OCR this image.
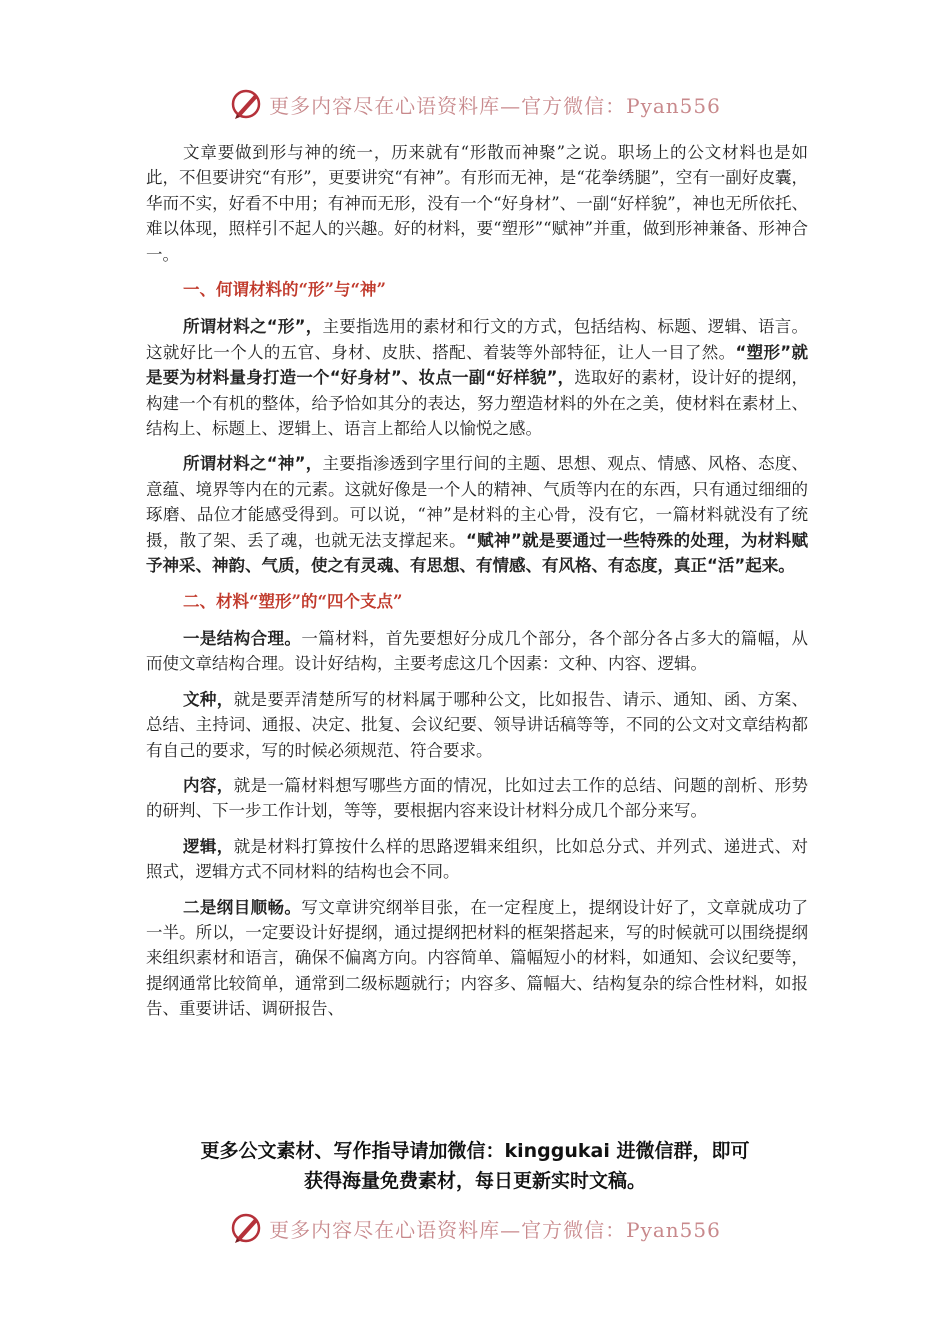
更多内容尽在心语资料库—官方微信：Pyan556

文章要做到形与神的统一，历来就有“形散而神聚”之说。职场上的公文材料也是如此，不但要讲究“有形”，更要讲究“有神”。有形而无神，是“花拳绣腿”，空有一副好皮囊，华而不实，好看不中用；有神而无形，没有一个“好身材”、一副“好样貌”，神也无所依托、难以体现，照样引不起人的兴趣。好的材料，要“塑形”“赋神”并重，做到形神兼备、形神合一。

一、何谓材料的“形”与“神”

所谓材料之“形”，主要指选用的素材和行文的方式，包括结构、标题、逻辑、语言。这就好比一个人的五官、身材、皮肤、搭配、着装等外部特征，让人一目了然。“塑形”就是要为材料量身打造一个“好身材”、妆点一副“好样貌”，选取好的素材，设计好的提纲，构建一个有机的整体，给予恰如其分的表达，努力塑造材料的外在之美，使材料在素材上、结构上、标题上、逻辑上、语言上都给人以愉悦之感。

所谓材料之“神”，主要指渗透到字里行间的主题、思想、观点、情感、风格、态度、意蕴、境界等内在的元素。这就好像是一个人的精神、气质等内在的东西，只有通过细细的琢磨、品位才能感受得到。可以说，“神”是材料的主心骨，没有它，一篇材料就没有了统摄，散了架、丢了魂，也就无法支撑起来。“赋神”就是要通过一些特殊的处理，为材料赋予神采、神韵、气质，使之有灵魂、有思想、有情感、有风格、有态度，真正“活”起来。

二、材料“塑形”的“四个支点”

一是结构合理。一篇材料，首先要想好分成几个部分，各个部分各占多大的篇幅，从而使文章结构合理。设计好结构，主要考虑这几个因素：文种、内容、逻辑。

文种，就是要弄清楚所写的材料属于哪种公文，比如报告、请示、通知、函、方案、总结、主持词、通报、决定、批复、会议纪要、领导讲话稿等等，不同的公文对文章结构都有自己的要求，写的时候必须规范、符合要求。

内容，就是一篇材料想写哪些方面的情况，比如过去工作的总结、问题的剖析、形势的研判、下一步工作计划，等等，要根据内容来设计材料分成几个部分来写。

逻辑，就是材料打算按什么样的思路逻辑来组织，比如总分式、并列式、递进式、对照式，逻辑方式不同材料的结构也会不同。

二是纲目顺畅。写文章讲究纲举目张，在一定程度上，提纲设计好了，文章就成功了一半。所以，一定要设计好提纲，通过提纲把材料的框架搭起来，写的时候就可以围绕提纲来组织素材和语言，确保不偏离方向。内容简单、篇幅短小的材料，如通知、会议纪要等，提纲通常比较简单，通常到二级标题就行；内容多、篇幅大、结构复杂的综合性材料，如报告、重要讲话、调研报告、

更多公文素材、写作指导请加微信：kinggukai 进微信群，即可
获得海量免费素材，每日更新实时文稿。
更多内容尽在心语资料库—官方微信：Pyan556
